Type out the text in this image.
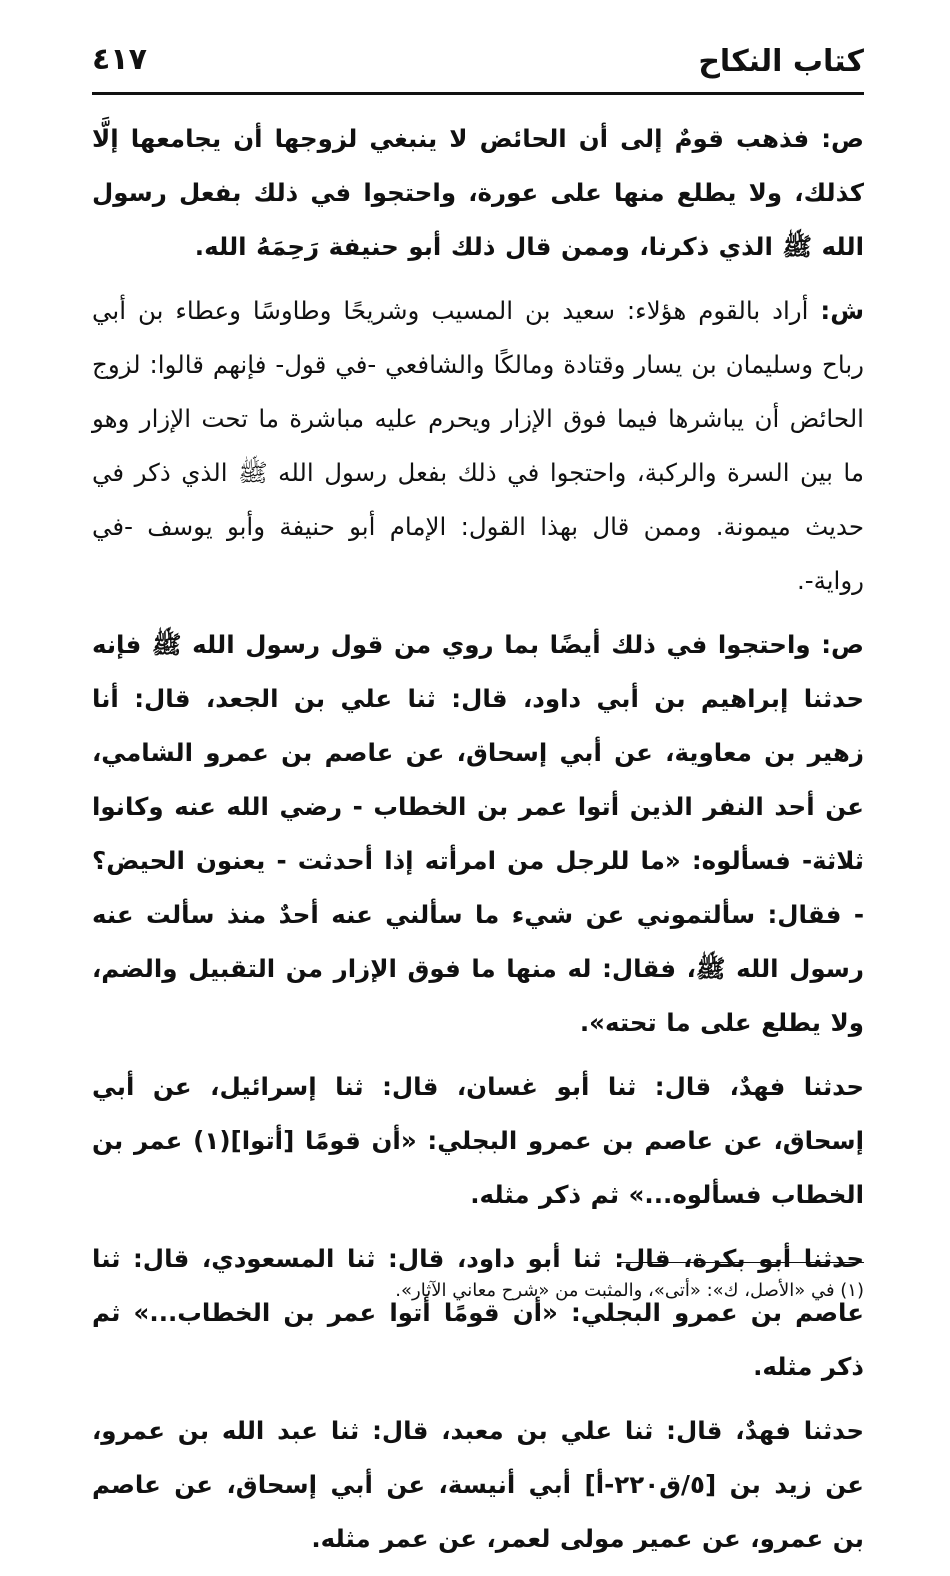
كتاب النكاح
٤١٧

ص: فذهب قومٌ إلى أن الحائض لا ينبغي لزوجها أن يجامعها إلَّا كذلك، ولا يطلع منها على عورة، واحتجوا في ذلك بفعل رسول الله ﷺ الذي ذكرنا، وممن قال ذلك أبو حنيفة رَحِمَهُ الله.

ش: أراد بالقوم هؤلاء: سعيد بن المسيب وشريحًا وطاوسًا وعطاء بن أبي رباح وسليمان بن يسار وقتادة ومالكًا والشافعي -في قول- فإنهم قالوا: لزوج الحائض أن يباشرها فيما فوق الإزار ويحرم عليه مباشرة ما تحت الإزار وهو ما بين السرة والركبة، واحتجوا في ذلك بفعل رسول الله ﷺ الذي ذكر في حديث ميمونة. وممن قال بهذا القول: الإمام أبو حنيفة وأبو يوسف -في رواية-.

ص: واحتجوا في ذلك أيضًا بما روي من قول رسول الله ﷺ فإنه حدثنا إبراهيم بن أبي داود، قال: ثنا علي بن الجعد، قال: أنا زهير بن معاوية، عن أبي إسحاق، عن عاصم بن عمرو الشامي، عن أحد النفر الذين أتوا عمر بن الخطاب - رضي الله عنه وكانوا ثلاثة- فسألوه: «ما للرجل من امرأته إذا أحدثت - يعنون الحيض؟ - فقال: سألتموني عن شيء ما سألني عنه أحدٌ منذ سألت عنه رسول الله ﷺ، فقال: له منها ما فوق الإزار من التقبيل والضم، ولا يطلع على ما تحته».

حدثنا فهدٌ، قال: ثنا أبو غسان، قال: ثنا إسرائيل، عن أبي إسحاق، عن عاصم بن عمرو البجلي: «أن قومًا [أتوا](١) عمر بن الخطاب فسألوه...» ثم ذكر مثله.

حدثنا أبو بكرة، قال: ثنا أبو داود، قال: ثنا المسعودي، قال: ثنا عاصم بن عمرو البجلي: «أن قومًا أتوا عمر بن الخطاب...» ثم ذكر مثله.

حدثنا فهدٌ، قال: ثنا علي بن معبد، قال: ثنا عبد الله بن عمرو، عن زيد بن [٥/ق٢٢٠-أ] أبي أنيسة، عن أبي إسحاق، عن عاصم بن عمرو، عن عمير مولى لعمر، عن عمر مثله.

(١) في «الأصل، ك»: «أتى»، والمثبت من «شرح معاني الآثار».
